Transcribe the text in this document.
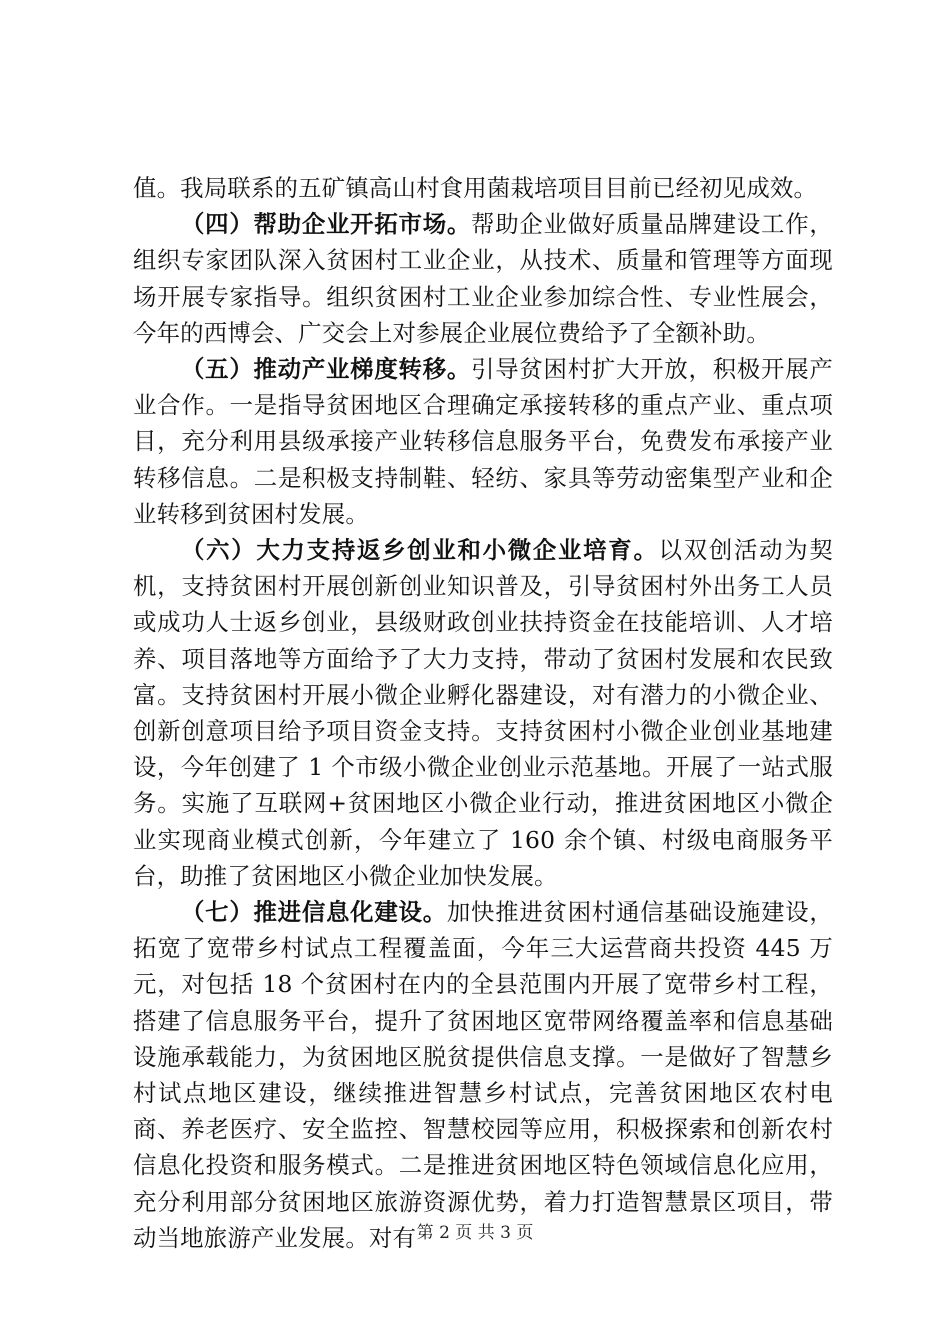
值。我局联系的五矿镇高山村食用菌栽培项目目前已经初见成效。

（四）帮助企业开拓市场。帮助企业做好质量品牌建设工作，组织专家团队深入贫困村工业企业，从技术、质量和管理等方面现场开展专家指导。组织贫困村工业企业参加综合性、专业性展会，今年的西博会、广交会上对参展企业展位费给予了全额补助。

（五）推动产业梯度转移。引导贫困村扩大开放，积极开展产业合作。一是指导贫困地区合理确定承接转移的重点产业、重点项目，充分利用县级承接产业转移信息服务平台，免费发布承接产业转移信息。二是积极支持制鞋、轻纺、家具等劳动密集型产业和企业转移到贫困村发展。

（六）大力支持返乡创业和小微企业培育。以双创活动为契机，支持贫困村开展创新创业知识普及，引导贫困村外出务工人员或成功人士返乡创业，县级财政创业扶持资金在技能培训、人才培养、项目落地等方面给予了大力支持，带动了贫困村发展和农民致富。支持贫困村开展小微企业孵化器建设，对有潜力的小微企业、创新创意项目给予项目资金支持。支持贫困村小微企业创业基地建设，今年创建了 1 个市级小微企业创业示范基地。开展了一站式服务。实施了互联网+贫困地区小微企业行动，推进贫困地区小微企业实现商业模式创新，今年建立了 160 余个镇、村级电商服务平台，助推了贫困地区小微企业加快发展。

（七）推进信息化建设。加快推进贫困村通信基础设施建设，拓宽了宽带乡村试点工程覆盖面，今年三大运营商共投资 445 万元，对包括 18 个贫困村在内的全县范围内开展了宽带乡村工程，搭建了信息服务平台，提升了贫困地区宽带网络覆盖率和信息基础设施承载能力，为贫困地区脱贫提供信息支撑。一是做好了智慧乡村试点地区建设，继续推进智慧乡村试点，完善贫困地区农村电商、养老医疗、安全监控、智慧校园等应用，积极探索和创新农村信息化投资和服务模式。二是推进贫困地区特色领域信息化应用，充分利用部分贫困地区旅游资源优势，着力打造智慧景区项目，带动当地旅游产业发展。对有 第 2 页 共 3 页
